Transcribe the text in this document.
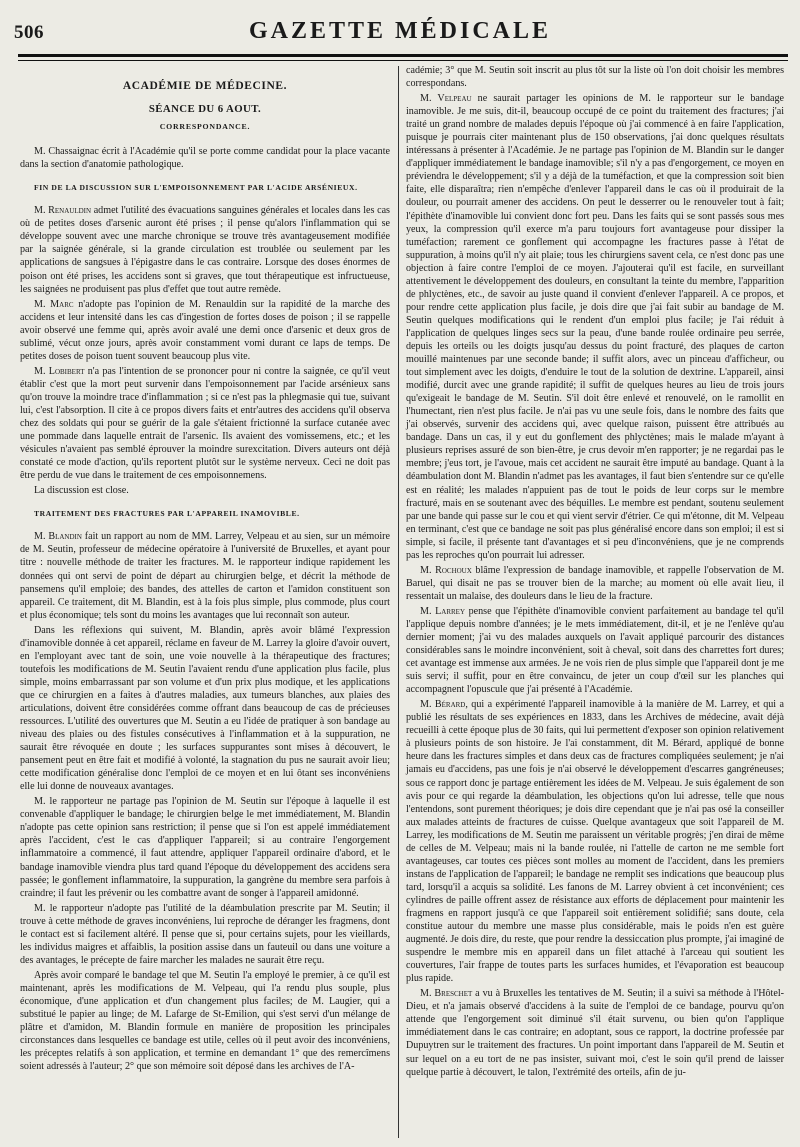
506	GAZETTE MÉDICALE
ACADÉMIE DE MÉDECINE.
SÉANCE DU 6 AOUT.
CORRESPONDANCE.

M. Chassaignac écrit à l'Académie qu'il se porte comme candidat pour la place vacante dans la section d'anatomie pathologique.

FIN DE LA DISCUSSION SUR L'EMPOISONNEMENT PAR L'ACIDE ARSÉNIEUX.

M. Renauldin admet l'utilité des évacuations sanguines générales et locales dans les cas où de petites doses d'arsenic auront été prises ; il pense qu'alors l'inflammation qui se développe souvent avec une marche chronique se trouve très avantageusement modifiée par la saignée générale, si la grande circulation est troublée ou seulement par les applications de sangsues à l'épigastre dans le cas contraire. Lorsque des doses énormes de poison ont été prises, les accidens sont si graves, que tout thérapeutique est infructueuse, les saignées ne produisent pas plus d'effet que tout autre remède.

M. Marc n'adopte pas l'opinion de M. Renauldin sur la rapidité de la marche des accidens et leur intensité dans les cas d'ingestion de fortes doses de poison ; il se rappelle avoir observé une femme qui, après avoir avalé une demi once d'arsenic et deux gros de sublimé, vécut onze jours, après avoir constamment vomi durant ce laps de temps. De petites doses de poison tuent souvent beaucoup plus vite.

M. Lobibert n'a pas l'intention de se prononcer pour ni contre la saignée, ce qu'il veut établir c'est que la mort peut survenir dans l'empoisonnement par l'acide arsénieux sans qu'on trouve la moindre trace d'inflammation ; si ce n'est pas la phlegmasie qui tue, suivant lui, c'est l'absorption. Il cite à ce propos divers faits et entr'autres des accidens qu'il observa chez des soldats qui pour se guérir de la gale s'étaient frictionné la surface cutanée avec une pommade dans laquelle entrait de l'arsenic. Ils avaient des vomissemens, etc.; et les vésicules n'avaient pas semblé éprouver la moindre surexcitation. Divers auteurs ont déjà constaté ce mode d'action, qu'ils reportent plutôt sur le système nerveux. Ceci ne doit pas être perdu de vue dans le traitement de ces empoisonnemens.

La discussion est close.

TRAITEMENT DES FRACTURES PAR L'APPAREIL INAMOVIBLE.

M. Blandin fait un rapport au nom de MM. Larrey, Velpeau et au sien, sur un mémoire de M. Seutin, professeur de médecine opératoire à l'université de Bruxelles, et ayant pour titre : nouvelle méthode de traiter les fractures. M. le rapporteur indique rapidement les données qui ont servi de point de départ au chirurgien belge, et décrit la méthode de pansemens qu'il emploie; des bandes, des attelles de carton et l'amidon constituent son appareil. Ce traitement, dit M. Blandin, est à la fois plus simple, plus commode, plus court et plus économique; tels sont du moins les avantages que lui reconnaît son auteur.

Dans les réflexions qui suivent, M. Blandin, après avoir blâmé l'expression d'inamovible donnée à cet appareil, réclame en faveur de M. Larrey la gloire d'avoir ouvert, en l'employant avec tant de soin, une voie nouvelle à la thérapeutique des fractures; toutefois les modifications de M. Seutin l'avaient rendu d'une application plus facile, plus simple, moins embarrassant par son volume et d'un prix plus modique, et les applications que ce chirurgien en a faites à d'autres maladies, aux tumeurs blanches, aux plaies des articulations, doivent être considérées comme offrant dans beaucoup de cas de précieuses ressources. L'utilité des ouvertures que M. Seutin a eu l'idée de pratiquer à son bandage au niveau des plaies ou des fistules consécutives à l'inflammation et à la suppuration, ne saurait être révoquée en doute ; les surfaces suppurantes sont mises à découvert, le pansement peut en être fait et modifié à volonté, la stagnation du pus ne saurait avoir lieu; cette modification généralise donc l'emploi de ce moyen et en lui ôtant ses inconvéniens elle lui donne de nouveaux avantages.

M. le rapporteur ne partage pas l'opinion de M. Seutin sur l'époque à laquelle il est convenable d'appliquer le bandage; le chirurgien belge le met immédiatement, M. Blandin n'adopte pas cette opinion sans restriction; il pense que si l'on est appelé immédiatement après l'accident, c'est le cas d'appliquer l'appareil; si au contraire l'engorgement inflammatoire a commencé, il faut attendre, appliquer l'appareil ordinaire d'abord, et le bandage inamovible viendra plus tard quand l'époque du développement des accidens sera passée; le gonflement inflammatoire, la suppuration, la gangrène du membre sera parfois à craindre; il faut les prévenir ou les combattre avant de songer à l'appareil amidonné.

M. le rapporteur n'adopte pas l'utilité de la déambulation prescrite par M. Seutin; il trouve à cette méthode de graves inconvéniens, lui reproche de déranger les fragmens, dont le contact est si facilement altéré. Il pense que si, pour certains sujets, pour les vieillards, les individus maigres et affaiblis, la position assise dans un fauteuil ou dans une voiture a des avantages, le précepte de faire marcher les malades ne saurait être reçu.

Après avoir comparé le bandage tel que M. Seutin l'a employé le premier, à ce qu'il est maintenant, après les modifications de M. Velpeau, qui l'a rendu plus souple, plus économique, d'une application et d'un changement plus faciles; de M. Laugier, qui a substitué le papier au linge; de M. Lafarge de St-Emilion, qui s'est servi d'un mélange de plâtre et d'amidon, M. Blandin formule en manière de proposition les principales circonstances dans lesquelles ce bandage est utile, celles où il peut avoir des inconvéniens, les préceptes relatifs à son application, et termine en demandant 1° que des remercîmens soient adressés à l'auteur; 2° que son mémoire soit déposé dans les archives de l'A-

cadémie; 3° que M. Seutin soit inscrit au plus tôt sur la liste où l'on doit choisir les membres correspondans.

M. Velpeau ne saurait partager les opinions de M. le rapporteur sur le bandage inamovible. Je me suis, dit-il, beaucoup occupé de ce point du traitement des fractures; j'ai traité un grand nombre de malades depuis l'époque où j'ai commencé à en faire l'application, puisque je pourrais citer maintenant plus de 150 observations, j'ai donc quelques résultats intéressans à présenter à l'Académie. Je ne partage pas l'opinion de M. Blandin sur le danger d'appliquer immédiatement le bandage inamovible; s'il n'y a pas d'engorgement, ce moyen en préviendra le développement; s'il y a déjà de la tuméfaction, et que la compression soit bien faite, elle disparaîtra; rien n'empêche d'enlever l'appareil dans le cas où il produirait de la douleur, ou pourrait amener des accidens. On peut le desserrer ou le renouveler tout à fait; l'épithète d'inamovible lui convient donc fort peu. Dans les faits qui se sont passés sous mes yeux, la compression qu'il exerce m'a paru toujours fort avantageuse pour dissiper la tuméfaction; rarement ce gonflement qui accompagne les fractures passe à l'état de suppuration, à moins qu'il n'y ait plaie; tous les chirurgiens savent cela, ce n'est donc pas une objection à faire contre l'emploi de ce moyen. J'ajouterai qu'il est facile, en surveillant attentivement le développement des douleurs, en consultant la teinte du membre, l'apparition de phlyctènes, etc., de savoir au juste quand il convient d'enlever l'appareil. A ce propos, et pour rendre cette application plus facile, je dois dire que j'ai fait subir au bandage de M. Seutin quelques modifications qui le rendent d'un emploi plus facile; je l'ai réduit à l'application de quelques linges secs sur la peau, d'une bande roulée ordinaire peu serrée, depuis les orteils ou les doigts jusqu'au dessus du point fracturé, des plaques de carton mouillé maintenues par une seconde bande; il suffit alors, avec un pinceau d'afficheur, ou tout simplement avec les doigts, d'enduire le tout de la solution de dextrine. L'appareil, ainsi modifié, durcit avec une grande rapidité; il suffit de quelques heures au lieu de trois jours qu'exigeait le bandage de M. Seutin. S'il doit être enlevé et renouvelé, on le ramollit en l'humectant, rien n'est plus facile. Je n'ai pas vu une seule fois, dans le nombre des faits que j'ai observés, survenir des accidens qui, avec quelque raison, puissent être attribués au bandage. Dans un cas, il y eut du gonflement des phlyctènes; mais le malade m'ayant à plusieurs reprises assuré de son bien-être, je crus devoir m'en rapporter; je ne regardai pas le membre; j'eus tort, je l'avoue, mais cet accident ne saurait être imputé au bandage. Quant à la déambulation dont M. Blandin n'admet pas les avantages, il faut bien s'entendre sur ce qu'elle est en réalité; les malades n'appuient pas de tout le poids de leur corps sur le membre fracturé, mais en se soutenant avec des béquilles. Le membre est pendant, soutenu seulement par une bande qui passe sur le cou et qui vient servir d'étrier. Ce qui m'étonne, dit M. Velpeau en terminant, c'est que ce bandage ne soit pas plus généralisé encore dans son emploi; il est si simple, si facile, il présente tant d'avantages et si peu d'inconvéniens, que je ne comprends pas les reproches qu'on pourrait lui adresser.

M. Rochoux blâme l'expression de bandage inamovible, et rappelle l'observation de M. Baruel, qui disait ne pas se trouver bien de la marche; au moment où elle avait lieu, il ressentait un malaise, des douleurs dans le lieu de la fracture.

M. Larrey pense que l'épithète d'inamovible convient parfaitement au bandage tel qu'il l'applique depuis nombre d'années; je le mets immédiatement, dit-il, et je ne l'enlève qu'au dernier moment; j'ai vu des malades auxquels on l'avait appliqué parcourir des distances considérables sans le moindre inconvénient, soit à cheval, soit dans des charrettes fort dures; cet avantage est immense aux armées. Je ne vois rien de plus simple que l'appareil dont je me suis servi; il suffit, pour en être convaincu, de jeter un coup d'œil sur les planches qui accompagnent l'opuscule que j'ai présenté à l'Académie.

M. Bérard, qui a expérimenté l'appareil inamovible à la manière de M. Larrey, et qui a publié les résultats de ses expériences en 1833, dans les Archives de médecine, avait déjà recueilli à cette époque plus de 30 faits, qui lui permettent d'exposer son opinion relativement à plusieurs points de son histoire. Je l'ai constamment, dit M. Bérard, appliqué de bonne heure dans les fractures simples et dans deux cas de fractures compliquées seulement; je n'ai jamais eu d'accidens, pas une fois je n'ai observé le développement d'escarres gangréneuses; sous ce rapport donc je partage entièrement les idées de M. Velpeau. Je suis également de son avis pour ce qui regarde la déambulation, les objections qu'on lui adresse, telle que nous l'entendons, sont purement théoriques; je dois dire cependant que je n'ai pas osé la conseiller aux malades atteints de fractures de cuisse. Quelque avantageux que soit l'appareil de M. Larrey, les modifications de M. Seutin me paraissent un véritable progrès; j'en dirai de même de celles de M. Velpeau; mais ni la bande roulée, ni l'attelle de carton ne me semble fort avantageuses, car toutes ces pièces sont molles au moment de l'accident, dans les premiers instans de l'application de l'appareil; le bandage ne remplit ses indications que beaucoup plus tard, lorsqu'il a acquis sa solidité. Les fanons de M. Larrey obvient à cet inconvénient; ces cylindres de paille offrent assez de résistance aux efforts de déplacement pour maintenir les fragmens en rapport jusqu'à ce que l'appareil soit entièrement solidifié; sans doute, cela constitue autour du membre une masse plus considérable, mais le poids n'en est guère augmenté. Je dois dire, du reste, que pour rendre la dessiccation plus prompte, j'ai imaginé de suspendre le membre mis en appareil dans un filet attaché à l'arceau qui soutient les couvertures, l'air frappe de toutes parts les surfaces humides, et l'évaporation est beaucoup plus rapide.

M. Breschet a vu à Bruxelles les tentatives de M. Seutin; il a suivi sa méthode à l'Hôtel-Dieu, et n'a jamais observé d'accidens à la suite de l'emploi de ce bandage, pourvu qu'on attende que l'engorgement soit diminué s'il était survenu, ou bien qu'on l'applique immédiatement dans le cas contraire; en adoptant, sous ce rapport, la doctrine professée par Dupuytren sur le traitement des fractures. Un point important dans l'appareil de M. Seutin et sur lequel on a eu tort de ne pas insister, suivant moi, c'est le soin qu'il prend de laisser quelque partie à découvert, le talon, l'extrémité des orteils, afin de ju-
